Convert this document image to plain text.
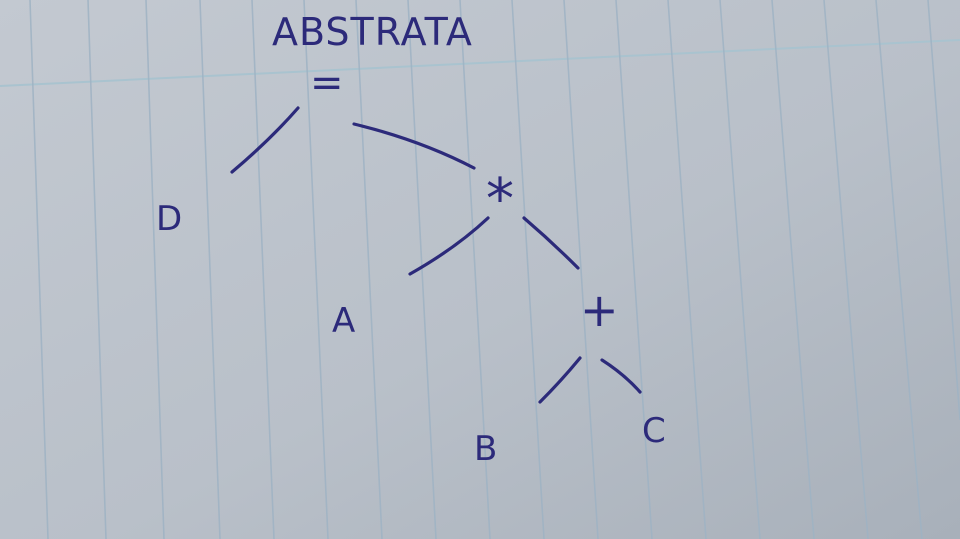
ABSTRATA
=
D	*
A	+
B	C
